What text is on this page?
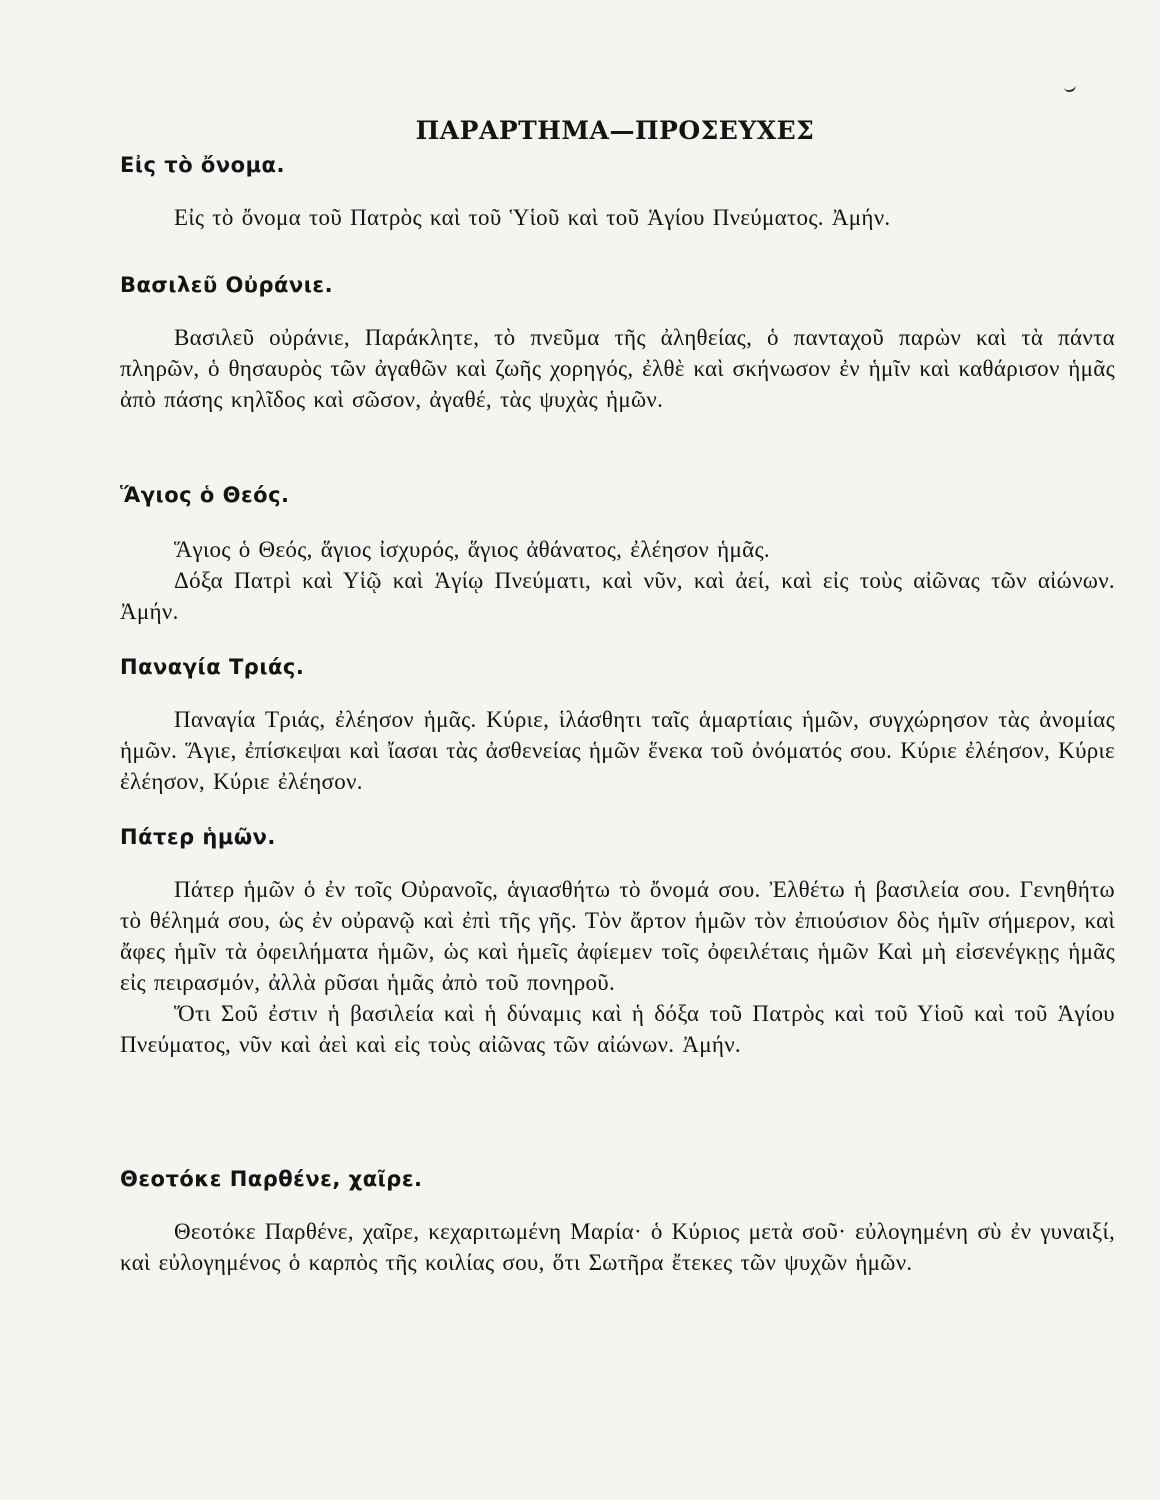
ΠΑΡΑΡΤΗΜΑ—ΠΡΟΣΕΥΧΕΣ
Εἰς τὸ ὄνομα.

Εἰς τὸ ὄνομα τοῦ Πατρὸς καὶ τοῦ Ὑἱοῦ καὶ τοῦ Ἁγίου Πνεύματος. Ἀμήν.

Βασιλεῦ Οὐράνιε.

Βασιλεῦ οὐράνιε, Παράκλητε, τὸ πνεῦμα τῆς ἀληθείας, ὁ πανταχοῦ παρὼν καὶ τὰ πάντα πληρῶν, ὁ θησαυρὸς τῶν ἀγαθῶν καὶ ζωῆς χορηγός, ἐλθὲ καὶ σκήνωσον ἐν ἡμῖν καὶ καθάρισον ἡμᾶς ἀπὸ πάσης κηλῖδος καὶ σῶσον, ἀγαθέ, τὰς ψυχὰς ἡμῶν.

Ἅγιος ὁ Θεός.

Ἅγιος ὁ Θεός, ἅγιος ἰσχυρός, ἅγιος ἀθάνατος, ἐλέησον ἡμᾶς.

Δόξα Πατρὶ καὶ Υἱῷ καὶ Ἁγίῳ Πνεύματι, καὶ νῦν, καὶ ἀεί, καὶ εἰς τοὺς αἰῶνας τῶν αἰώνων. Ἀμήν.

Παναγία Τριάς.

Παναγία Τριάς, ἐλέησον ἡμᾶς. Κύριε, ἱλάσθητι ταῖς ἁμαρτίαις ἡμῶν, συγχώρησον τὰς ἀνομίας ἡμῶν. Ἅγιε, ἐπίσκεψαι καὶ ἴασαι τὰς ἀσθενείας ἡμῶν ἕνεκα τοῦ ὀνόματός σου. Κύριε ἐλέησον, Κύριε ἐλέησον, Κύριε ἐλέησον.

Πάτερ ἡμῶν.

Πάτερ ἡμῶν ὁ ἐν τοῖς Οὐρανοῖς, ἁγιασθήτω τὸ ὄνομά σου. Ἐλθέτω ἡ βασιλεία σου. Γενηθήτω τὸ θέλημά σου, ὡς ἐν οὐρανῷ καὶ ἐπὶ τῆς γῆς. Τὸν ἄρτον ἡμῶν τὸν ἐπιούσιον δὸς ἡμῖν σήμερον, καὶ ἄφες ἡμῖν τὰ ὀφειλήματα ἡμῶν, ὡς καὶ ἡμεῖς ἀφίεμεν τοῖς ὀφειλέταις ἡμῶν Καὶ μὴ εἰσενέγκῃς ἡμᾶς εἰς πειρασμόν, ἀλλὰ ρῦσαι ἡμᾶς ἀπὸ τοῦ πονηροῦ.

Ὅτι Σοῦ ἐστιν ἡ βασιλεία καὶ ἡ δύναμις καὶ ἡ δόξα τοῦ Πατρὸς καὶ τοῦ Υἱοῦ καὶ τοῦ Ἁγίου Πνεύματος, νῦν καὶ ἀεὶ καὶ εἰς τοὺς αἰῶνας τῶν αἰώνων. Ἀμήν.

Θεοτόκε Παρθένε, χαῖρε.

Θεοτόκε Παρθένε, χαῖρε, κεχαριτωμένη Μαρία· ὁ Κύριος μετὰ σοῦ· εὐλογημένη σὺ ἐν γυναιξί, καὶ εὐλογημένος ὁ καρπὸς τῆς κοιλίας σου, ὅτι Σωτῆρα ἔτεκες τῶν ψυχῶν ἡμῶν.
